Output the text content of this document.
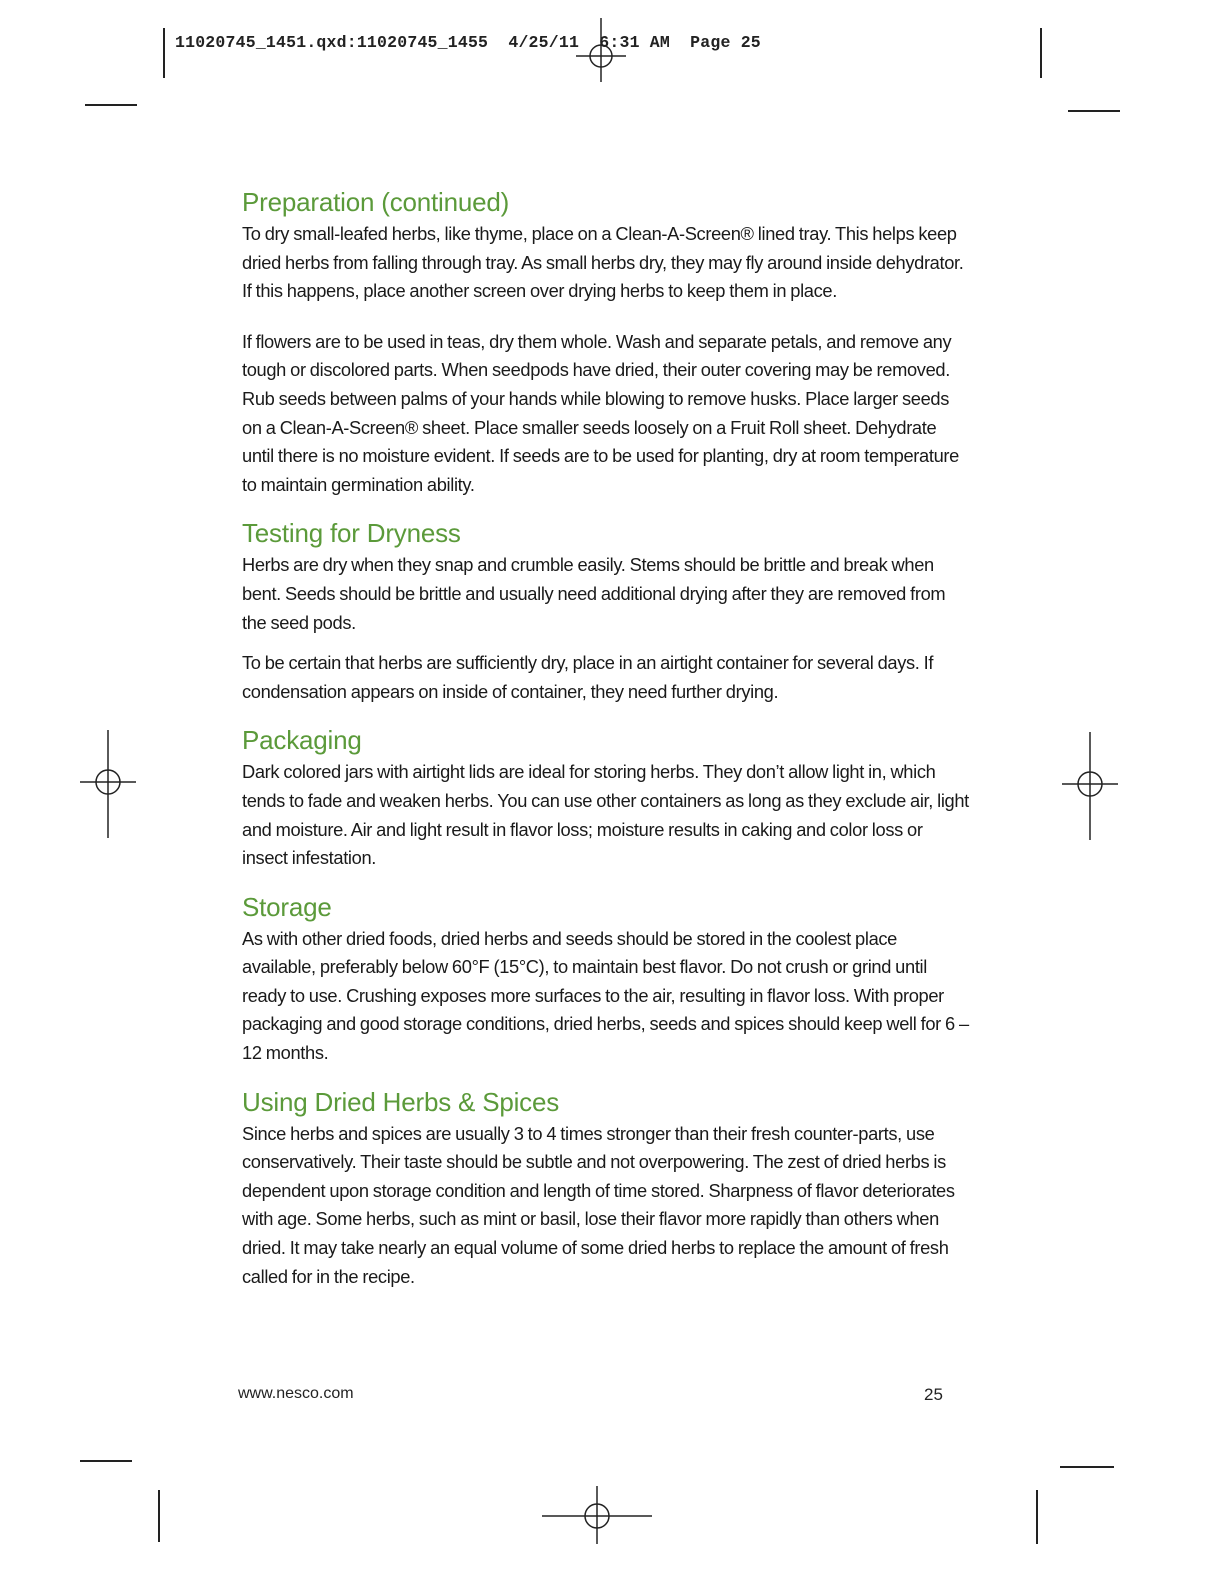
11020745_1451.qxd:11020745_1455  4/25/11  6:31 AM  Page 25
Preparation (continued)

To dry small-leafed herbs, like thyme, place on a Clean-A-Screen® lined tray. This helps keep dried herbs from falling through tray. As small herbs dry, they may fly around inside dehydrator. If this happens, place another screen over drying herbs to keep them in place.

If flowers are to be used in teas, dry them whole. Wash and separate petals, and remove any tough or discolored parts. When seedpods have dried, their outer covering may be removed. Rub seeds between palms of your hands while blowing to remove husks. Place larger seeds on a Clean-A-Screen® sheet. Place smaller seeds loosely on a Fruit Roll sheet. Dehydrate until there is no moisture evident. If seeds are to be used for planting, dry at room temperature to maintain germination ability.

Testing for Dryness

Herbs are dry when they snap and crumble easily. Stems should be brittle and break when bent. Seeds should be brittle and usually need additional drying after they are removed from the seed pods.

To be certain that herbs are sufficiently dry, place in an airtight container for several days. If condensation appears on inside of container, they need further drying.

Packaging

Dark colored jars with airtight lids are ideal for storing herbs. They don’t allow light in, which tends to fade and weaken herbs. You can use other containers as long as they exclude air, light and moisture. Air and light result in flavor loss; moisture results in caking and color loss or insect infestation.

Storage

As with other dried foods, dried herbs and seeds should be stored in the coolest place available, preferably below 60°F (15°C), to maintain best flavor. Do not crush or grind until ready to use. Crushing exposes more surfaces to the air, resulting in flavor loss. With proper packaging and good storage conditions, dried herbs, seeds and spices should keep well for 6 – 12 months.

Using Dried Herbs & Spices

Since herbs and spices are usually 3 to 4 times stronger than their fresh counter-parts, use conservatively. Their taste should be subtle and not overpowering. The zest of dried herbs is dependent upon storage condition and length of time stored. Sharpness of flavor deteriorates with age. Some herbs, such as mint or basil, lose their flavor more rapidly than others when dried. It may take nearly an equal volume of some dried herbs to replace the amount of fresh called for in the recipe.

www.nesco.com	25
